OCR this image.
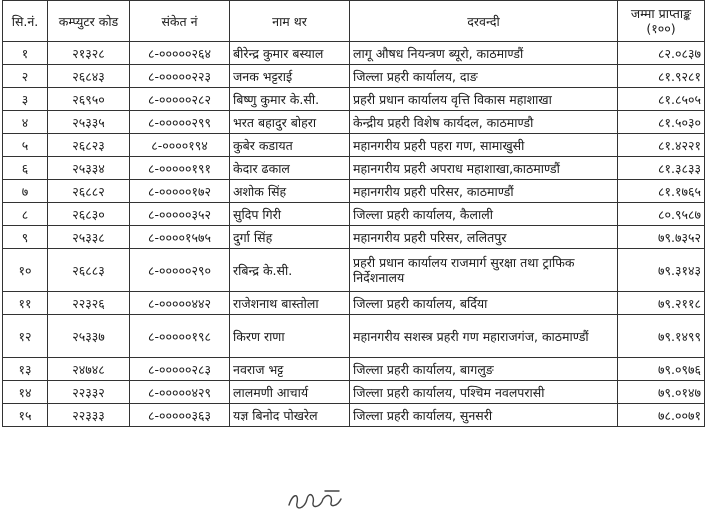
सि.नं.	कम्प्युटर कोड	संकेत नं	नाम थर	दरवन्दी	जम्मा प्राप्ताङ्क (१००)
१	२१३२८	८-०००००२६४	बीरेन्द्र कुमार बस्याल	लागू औषध नियन्त्रण ब्यूरो, काठमाण्डौं	८२.०८३७
२	२६८४३	८-०००००२२३	जनक भट्टराई	जिल्ला प्रहरी कार्यालय, दाङ	८१.९२८१
३	२६९५०	८-०००००२८२	बिष्णु कुमार के.सी.	प्रहरी प्रधान कार्यालय वृत्ति विकास महाशाखा	८१.८५०५
४	२५३३५	८-०००००२९९	भरत बहादुर बोहरा	केन्द्रीय प्रहरी विशेष कार्यदल, काठमाण्डौ	८१.५०३०
५	२६८२३	८-००००१९४	कुबेर कडायत	महानगरीय प्रहरी पहरा गण, सामाखुसी	८१.४२२१
६	२५३३४	८-०००००१९१	केदार ढकाल	महानगरीय प्रहरी अपराध महाशाखा,काठमाण्डौं	८१.३८३३
७	२६८८२	८-०००००१७२	अशोक सिंह	महानगरीय प्रहरी परिसर, काठमाण्डौं	८१.१७६५
८	२६८३०	८-०००००३५२	सुदिप गिरी	जिल्ला प्रहरी कार्यालय, कैलाली	८०.९५८७
९	२५३३८	८-००००१५७५	दुर्गा सिंह	महानगरीय प्रहरी परिसर, ललितपुर	७९.७३५२
१०	२६८८३	८-०००००२९०	रबिन्द्र के.सी.	प्रहरी प्रधान कार्यालय राजमार्ग सुरक्षा तथा ट्राफिक निर्देशनालय	७९.३१४३
११	२२३२६	८-०००००४४२	राजेशनाथ बास्तोला	जिल्ला प्रहरी कार्यालय, बर्दिया	७९.२११८
१२	२५३३७	८-०००००१९८	किरण राणा	महानगरीय सशस्त्र प्रहरी गण महाराजगंज, काठमाण्डौं	७९.१४९९
१३	२४७४८	८-०००००२८३	नवराज भट्ट	जिल्ला प्रहरी कार्यालय, बागलुङ	७९.०९७६
१४	२२३३२	८-०००००४२९	लालमणी आचार्य	जिल्ला प्रहरी कार्यालय, पश्चिम नवलपरासी	७९.०१४७
१५	२२३३३	८-०००००३६३	यज्ञ बिनोद पोखरेल	जिल्ला प्रहरी कार्यालय, सुनसरी	७८.००७१
